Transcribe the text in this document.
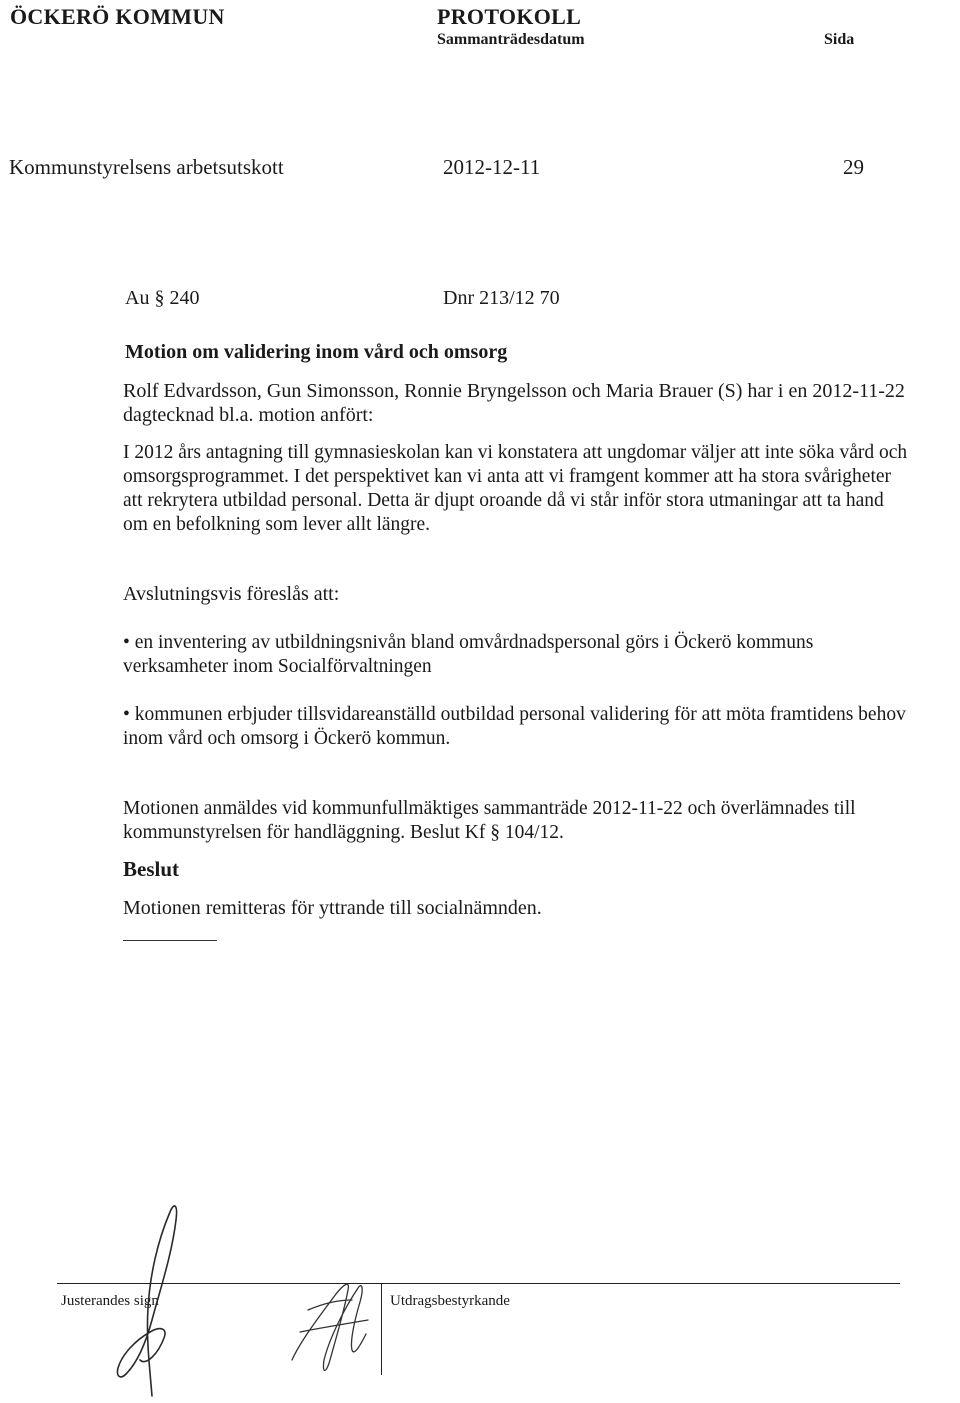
ÖCKERÖ KOMMUN	PROTOKOLL
Sammanträdesdatum	Sida
Kommunstyrelsens arbetsutskott	2012-12-11	29
Au § 240	Dnr 213/12 70
Motion om validering inom vård och omsorg
Rolf Edvardsson, Gun Simonsson, Ronnie Bryngelsson och Maria Brauer (S) har i en 2012-11-22 dagtecknad bl.a. motion anfört:
I 2012 års antagning till gymnasieskolan kan vi konstatera att ungdomar väljer att inte söka vård och omsorgsprogrammet. I det perspektivet kan vi anta att vi framgent kommer att ha stora svårigheter att rekrytera utbildad personal. Detta är djupt oroande då vi står inför stora utmaningar att ta hand om en befolkning som lever allt längre.
Avslutningsvis föreslås att:
• en inventering av utbildningsnivån bland omvårdnadspersonal görs i Öckerö kommuns verksamheter inom Socialförvaltningen
• kommunen erbjuder tillsvidareanställd outbildad personal validering för att möta framtidens behov inom vård och omsorg i Öckerö kommun.
Motionen anmäldes vid kommunfullmäktiges sammanträde 2012-11-22 och överlämnades till kommunstyrelsen för handläggning. Beslut Kf § 104/12.
Beslut
Motionen remitteras för yttrande till socialnämnden.
Justerandes sign	Utdragsbestyrkande
